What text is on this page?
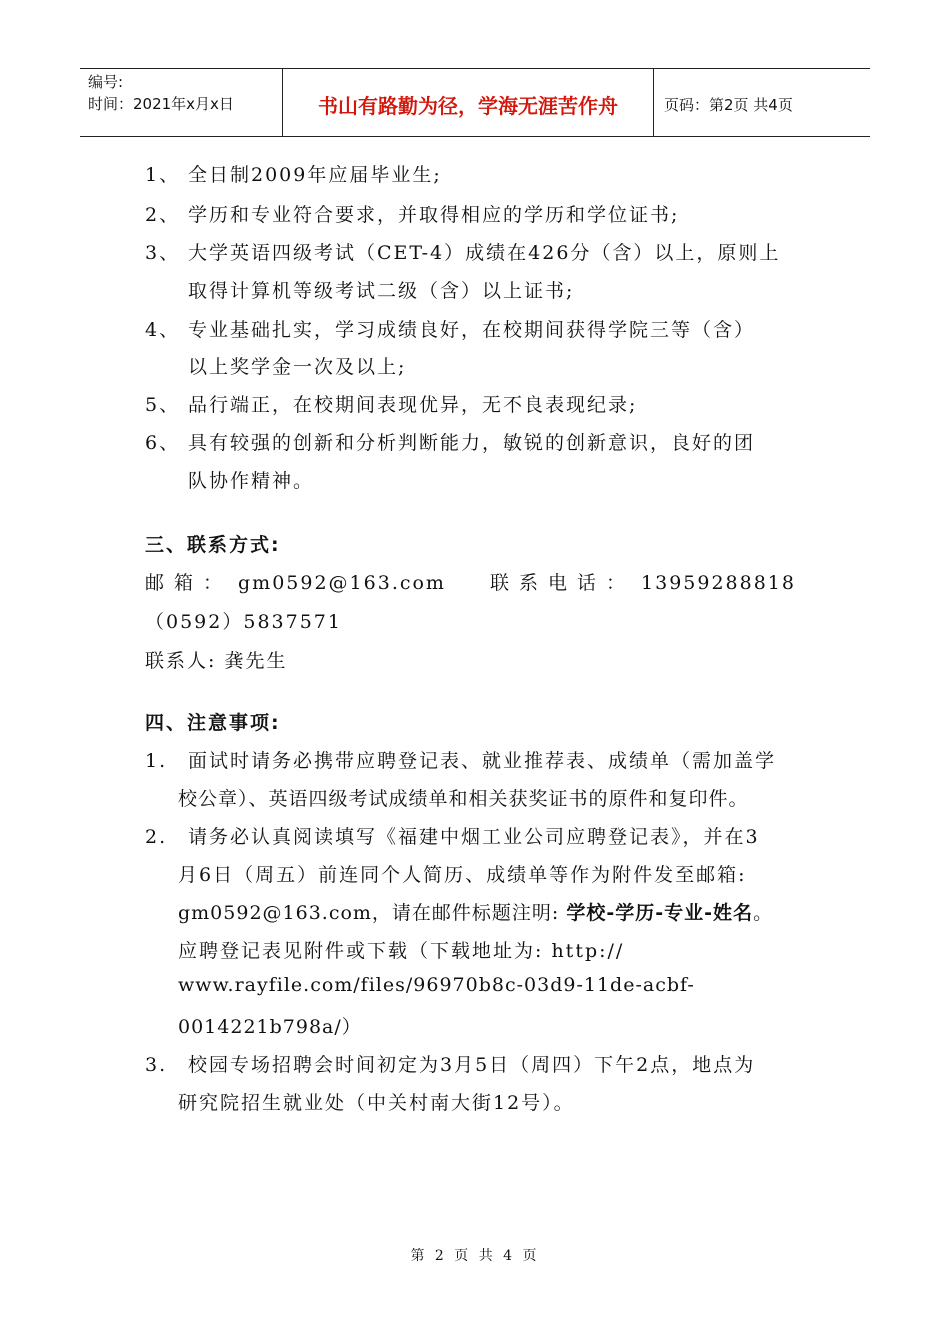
编号:
时间：2021年x月x日	书山有路勤为径，学海无涯苦作舟	页码：第2页 共4页
1、 全日制2009年应届毕业生;
2、 学历和专业符合要求，并取得相应的学历和学位证书;
3、 大学英语四级考试（CET-4）成绩在426分（含）以上，原则上
取得计算机等级考试二级（含）以上证书;
4、 专业基础扎实，学习成绩良好，在校期间获得学院三等（含）
以上奖学金一次及以上;
5、 品行端正，在校期间表现优异，无不良表现纪录;
6、 具有较强的创新和分析判断能力，敏锐的创新意识，良好的团
队协作精神。
三、联系方式:
邮箱： gm0592@163.com 联系电话： 13959288818
（0592）5837571
联系人: 龚先生
四、注意事项:
1. 面试时请务必携带应聘登记表、就业推荐表、成绩单（需加盖学
校公章）、英语四级考试成绩单和相关获奖证书的原件和复印件。
2. 请务必认真阅读填写《福建中烟工业公司应聘登记表》，并在3
月6日（周五）前连同个人简历、成绩单等作为附件发至邮箱:
gm0592@163.com，请在邮件标题注明: 学校-学历-专业-姓名。
应聘登记表见附件或下载（下载地址为: http://
www.rayfile.com/files/96970b8c-03d9-11de-acbf-
0014221b798a/）
3. 校园专场招聘会时间初定为3月5日（周四）下午2点，地点为
研究院招生就业处（中关村南大街12号）。
第 2 页 共 4 页
